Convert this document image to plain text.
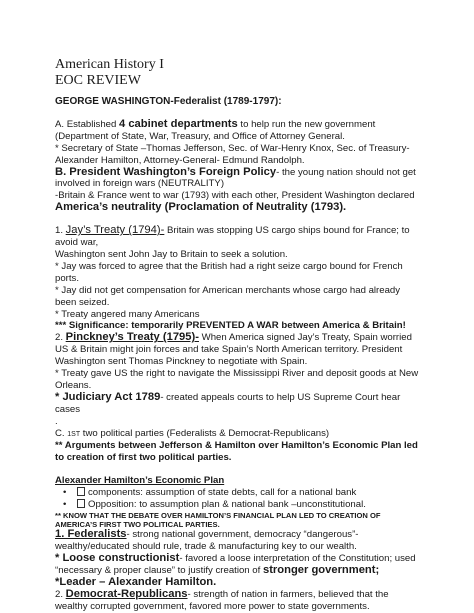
American History I
EOC REVIEW

GEORGE WASHINGTON-Federalist (1789-1797):

A. Established 4 cabinet departments to help run the new government (Department of State, War, Treasury, and Office of Attorney General.

* Secretary of State –Thomas Jefferson, Sec. of War-Henry Knox, Sec. of Treasury-Alexander Hamilton, Attorney-General- Edmund Randolph.

B. President Washington’s Foreign Policy- the young nation should not get involved in foreign wars (NEUTRALITY)

-Britain & France went to war (1793) with each other, President Washington declared America’s neutrality (Proclamation of Neutrality (1793).

1. Jay’s Treaty (1794)- Britain was stopping US cargo ships bound for France; to avoid war,

Washington sent John Jay to Britain to seek a solution.

* Jay was forced to agree that the British had a right seize cargo bound for French ports.

* Jay did not get compensation for American merchants whose cargo had already been seized.

* Treaty angered many Americans

*** Significance: temporarily PREVENTED A WAR between America & Britain!

2. Pinckney’s Treaty (1795)- When America signed Jay’s Treaty, Spain worried US & Britain might join forces and take Spain’s North American territory. President Washington sent Thomas Pinckney to negotiate with Spain.

* Treaty gave US the right to navigate the Mississippi River and deposit goods at New Orleans.

* Judiciary Act 1789- created appeals courts to help US Supreme Court hear cases

.

C. 1ST two political parties (Federalists & Democrat-Republicans)

** Arguments between Jefferson & Hamilton over Hamilton’s Economic Plan led to creation of first two political parties.

Alexander Hamilton’s Economic Plan

• components: assumption of state debts, call for a national bank
• Opposition: to assumption plan & national bank –unconstitutional.

** KNOW THAT THE DEBATE OVER HAMILTON’S FINANCIAL PLAN LED TO CREATION OF AMERICA’S FIRST TWO POLITICAL PARTIES.

1. Federalists- strong national government, democracy “dangerous”- wealthy/educated should rule, trade & manufacturing key to our wealth.

* Loose constructionist- favored a loose interpretation of the Constitution; used “necessary & proper clause” to justify creation of stronger government; *Leader – Alexander Hamilton.

2. Democrat-Republicans- strength of nation in farmers, believed that the wealthy corrupted government, favored more power to state governments.
